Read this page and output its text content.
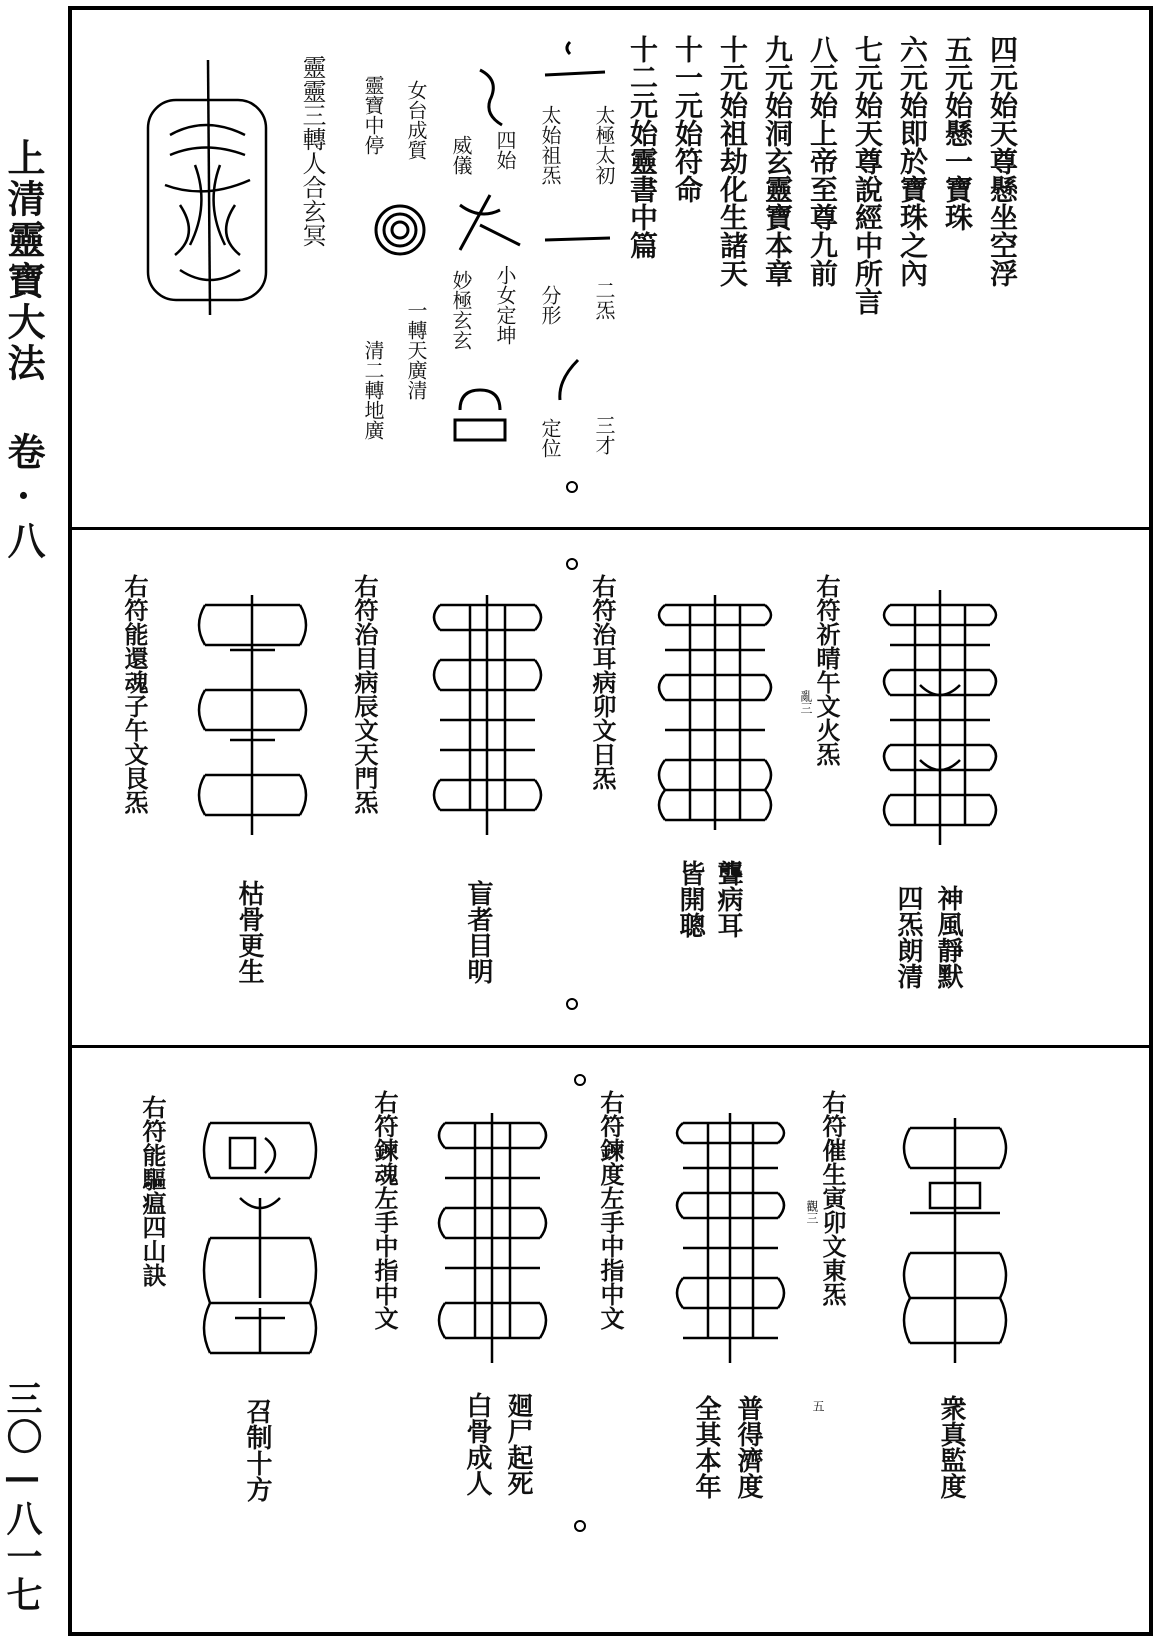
上清靈寶大法 卷·八
三〇—八一七
四元始天尊懸坐空浮
五元始懸一寶珠
六元始即於寶珠之內
七元始天尊說經中所言
八元始上帝至尊九前
九元始洞玄靈寶本章
十元始祖劫化生諸天
十一元始符命
十二元始靈書中篇
太極太初
二炁
三才
太始祖炁
分形
定位
四始
小女定坤
威儀
妙極玄玄
女台成質
一轉天廣清
靈寶中停
清二轉地廣
靈靈三轉人合玄冥
右符祈晴午文火炁
右符治耳病卯文日炁
右符治目病辰文天門炁
右符能還魂子午文艮炁	亂三
神風靜默
四炁朗清
聾病耳
皆開聰
盲者目明
枯骨更生
右符催生寅卯文東炁
右符鍊度左手中指中文
右符鍊魂左手中指中文
右符能驅瘟四山訣	觀三
五	衆真監度
普得濟度
全其本年
廻尸起死
白骨成人
召制十方
